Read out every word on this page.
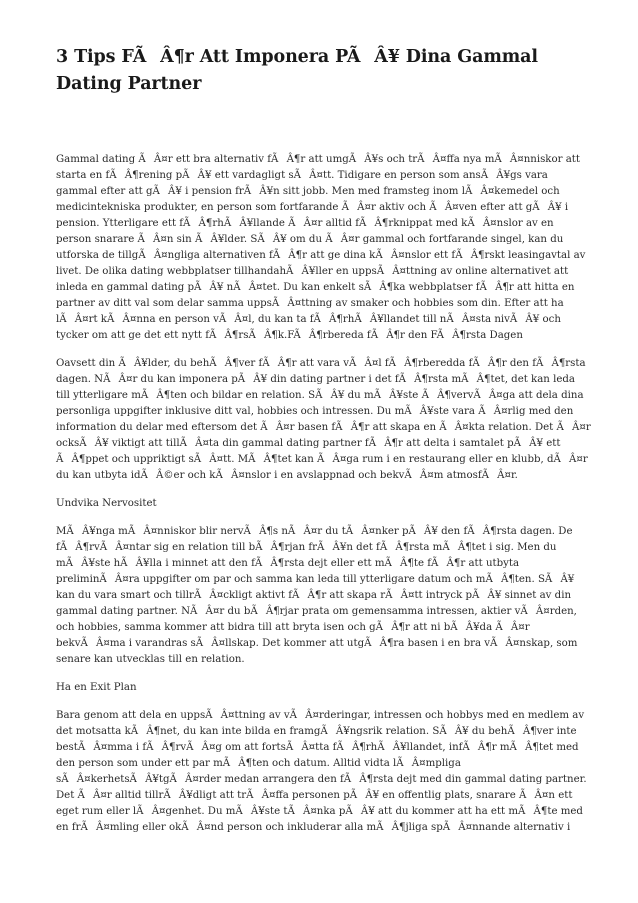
3 Tips FÃÂ¶r Att Imponera PÃÂ¥ Dina Gammal Dating Partner

Gammal dating ÃÂ¤r ett bra alternativ fÃÂ¶r att umgÃÂ¥s och trÃÂ¤ffa nya mÃÂ¤nniskor att starta en fÃÂ¶rening pÃÂ¥ ett vardagligt sÃÂ¤tt. Tidigare en person som ansÃÂ¥gs vara gammal efter att gÃÂ¥ i pension frÃÂ¥n sitt jobb. Men med framsteg inom lÃÂ¤kemedel och medicintekniska produkter, en person som fortfarande ÃÂ¤r aktiv och ÃÂ¤ven efter att gÃÂ¥ i pension. Ytterligare ett fÃÂ¶rhÃÂ¥llande ÃÂ¤r alltid fÃÂ¶rknippat med kÃÂ¤nslor av en person snarare ÃÂ¤n sin ÃÂ¥lder. SÃÂ¥ om du ÃÂ¤r gammal och fortfarande singel, kan du utforska de tillgÃÂ¤ngliga alternativen fÃÂ¶r att ge dina kÃÂ¤nslor ett fÃÂ¶rskt leasingavtal av livet. De olika dating webbplatser tillhandahÃÂ¥ller en uppsÃÂ¤ttning av online alternativet att inleda en gammal dating pÃÂ¥ nÃÂ¤tet. Du kan enkelt sÃÂ¶ka webbplatser fÃÂ¶r att hitta en partner av ditt val som delar samma uppsÃÂ¤ttning av smaker och hobbies som din. Efter att ha lÃÂ¤rt kÃÂ¤nna en person vÃÂ¤l, du kan ta fÃÂ¶rhÃÂ¥llandet till nÃÂ¤sta nivÃÂ¥ och tycker om att ge det ett nytt fÃÂ¶rsÃÂ¶k.FÃÂ¶rbereda fÃÂ¶r den FÃÂ¶rsta Dagen

Oavsett din ÃÂ¥lder, du behÃÂ¶ver fÃÂ¶r att vara vÃÂ¤l fÃÂ¶rberedda fÃÂ¶r den fÃÂ¶rsta dagen. NÃÂ¤r du kan imponera pÃÂ¥ din dating partner i det fÃÂ¶rsta mÃÂ¶tet, det kan leda till ytterligare mÃÂ¶ten och bildar en relation. SÃÂ¥ du mÃÂ¥ste ÃÂ¶vervÃÂ¤ga att dela dina personliga uppgifter inklusive ditt val, hobbies och intressen. Du mÃÂ¥ste vara ÃÂ¤rlig med den information du delar med eftersom det ÃÂ¤r basen fÃÂ¶r att skapa en ÃÂ¤kta relation. Det ÃÂ¤r ocksÃÂ¥ viktigt att tillÃÂ¤ta din gammal dating partner fÃÂ¶r att delta i samtalet pÃÂ¥ ett ÃÂ¶ppet och uppriktigt sÃÂ¤tt. MÃÂ¶tet kan ÃÂ¤ga rum i en restaurang eller en klubb, dÃÂ¤r du kan utbyta idÃÂ©er och kÃÂ¤nslor i en avslappnad och bekvÃÂ¤m atmosfÃÂ¤r.

Undvika Nervositet

MÃÂ¥nga mÃÂ¤nniskor blir nervÃÂ¶s nÃÂ¤r du tÃÂ¤nker pÃÂ¥ den fÃÂ¶rsta dagen. De fÃÂ¶rvÃÂ¤ntar sig en relation till bÃÂ¶rjan frÃÂ¥n det fÃÂ¶rsta mÃÂ¶tet i sig. Men du mÃÂ¥ste hÃÂ¥lla i minnet att den fÃÂ¶rsta dejt eller ett mÃÂ¶te fÃÂ¶r att utbyta preliminÃÂ¤ra uppgifter om par och samma kan leda till ytterligare datum och mÃÂ¶ten. SÃÂ¥ kan du vara smart och tillrÃÂ¤ckligt aktivt fÃÂ¶r att skapa rÃÂ¤tt intryck pÃÂ¥ sinnet av din gammal dating partner. NÃÂ¤r du bÃÂ¶rjar prata om gemensamma intressen, aktier vÃÂ¤rden, och hobbies, samma kommer att bidra till att bryta isen och gÃÂ¶r att ni bÃÂ¥da ÃÂ¤r bekvÃÂ¤ma i varandras sÃÂ¤llskap. Det kommer att utgÃÂ¶ra basen i en bra vÃÂ¤nskap, som senare kan utvecklas till en relation.

Ha en Exit Plan

Bara genom att dela en uppsÃÂ¤ttning av vÃÂ¤rderingar, intressen och hobbys med en medlem av det motsatta kÃÂ¶net, du kan inte bilda en framgÃÂ¥ngsrik relation. SÃÂ¥ du behÃÂ¶ver inte bestÃÂ¤mma i fÃÂ¶rvÃÂ¤g om att fortsÃÂ¤tta fÃÂ¶rhÃÂ¥llandet, infÃÂ¶r mÃÂ¶tet med den person som under ett par mÃÂ¶ten och datum. Alltid vidta lÃÂ¤mpliga sÃÂ¤kerhetsÃÂ¥tgÃÂ¤rder medan arrangera den fÃÂ¶rsta dejt med din gammal dating partner. Det ÃÂ¤r alltid tillrÃÂ¥dligt att trÃÂ¤ffa personen pÃÂ¥ en offentlig plats, snarare ÃÂ¤n ett eget rum eller lÃÂ¤genhet. Du mÃÂ¥ste tÃÂ¤nka pÃÂ¥ att du kommer att ha ett mÃÂ¶te med en frÃÂ¤mling eller okÃÂ¤nd person och inkluderar alla mÃÂ¶jliga spÃÂ¤nnande alternativ i
